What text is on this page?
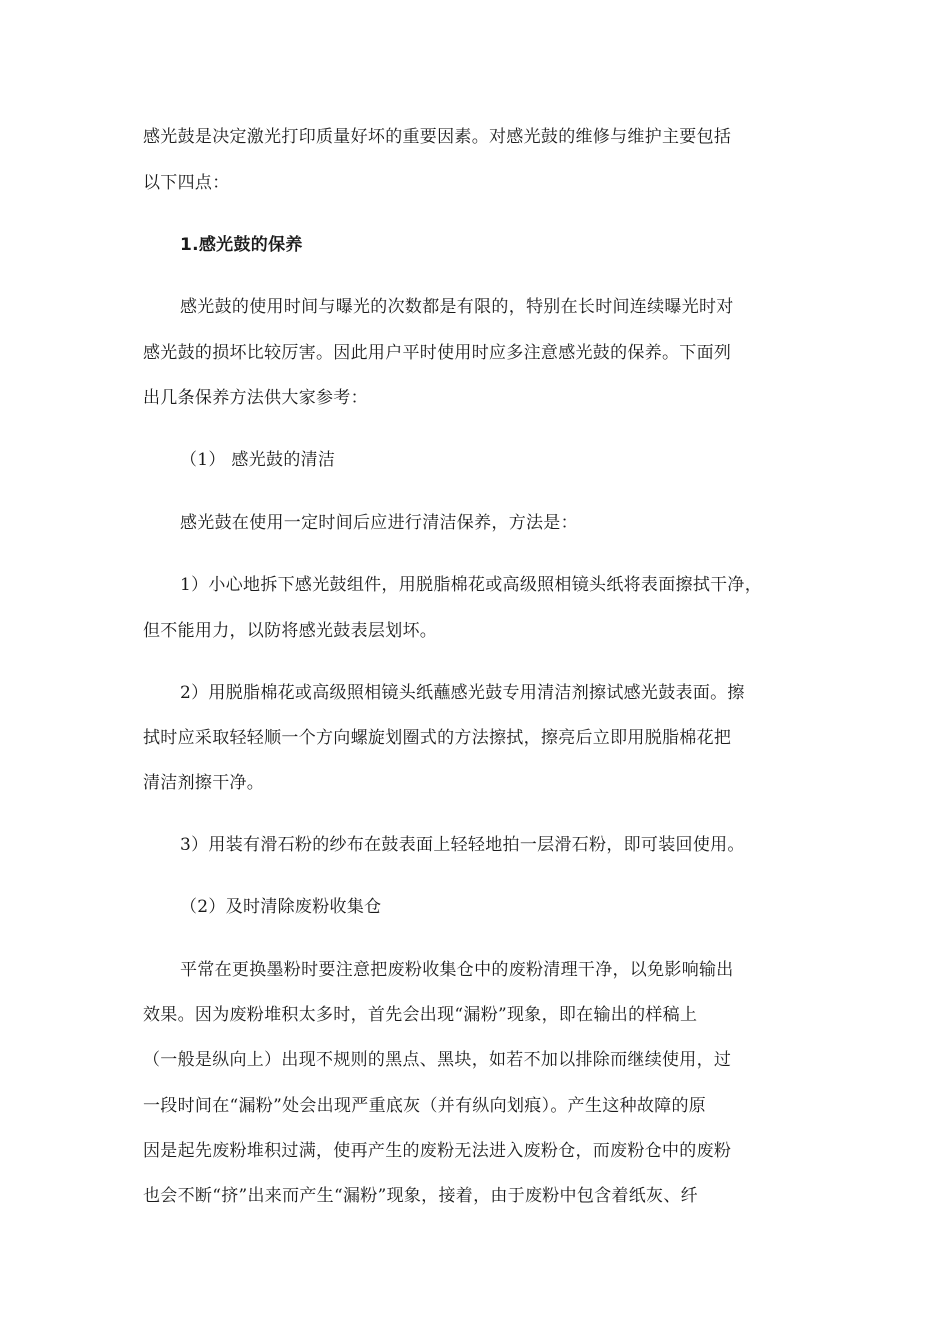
感光鼓是决定激光打印质量好坏的重要因素。对感光鼓的维修与维护主要包括
以下四点：
1.感光鼓的保养
感光鼓的使用时间与曝光的次数都是有限的，特别在长时间连续曝光时对
感光鼓的损坏比较厉害。因此用户平时使用时应多注意感光鼓的保养。下面列
出几条保养方法供大家参考：
（1） 感光鼓的清洁
感光鼓在使用一定时间后应进行清洁保养，方法是：
1）小心地拆下感光鼓组件，用脱脂棉花或高级照相镜头纸将表面擦拭干净，
但不能用力，以防将感光鼓表层划坏。
2）用脱脂棉花或高级照相镜头纸蘸感光鼓专用清洁剂擦试感光鼓表面。擦
拭时应采取轻轻顺一个方向螺旋划圈式的方法擦拭，擦亮后立即用脱脂棉花把
清洁剂擦干净。
3）用装有滑石粉的纱布在鼓表面上轻轻地拍一层滑石粉，即可装回使用。
（2）及时清除废粉收集仓
平常在更换墨粉时要注意把废粉收集仓中的废粉清理干净，以免影响输出
效果。因为废粉堆积太多时，首先会出现“漏粉”现象，即在输出的样稿上
（一般是纵向上）出现不规则的黑点、黑块，如若不加以排除而继续使用，过
一段时间在“漏粉”处会出现严重底灰（并有纵向划痕）。产生这种故障的原
因是起先废粉堆积过满，使再产生的废粉无法进入废粉仓，而废粉仓中的废粉
也会不断“挤”出来而产生“漏粉”现象，接着，由于废粉中包含着纸灰、纤
